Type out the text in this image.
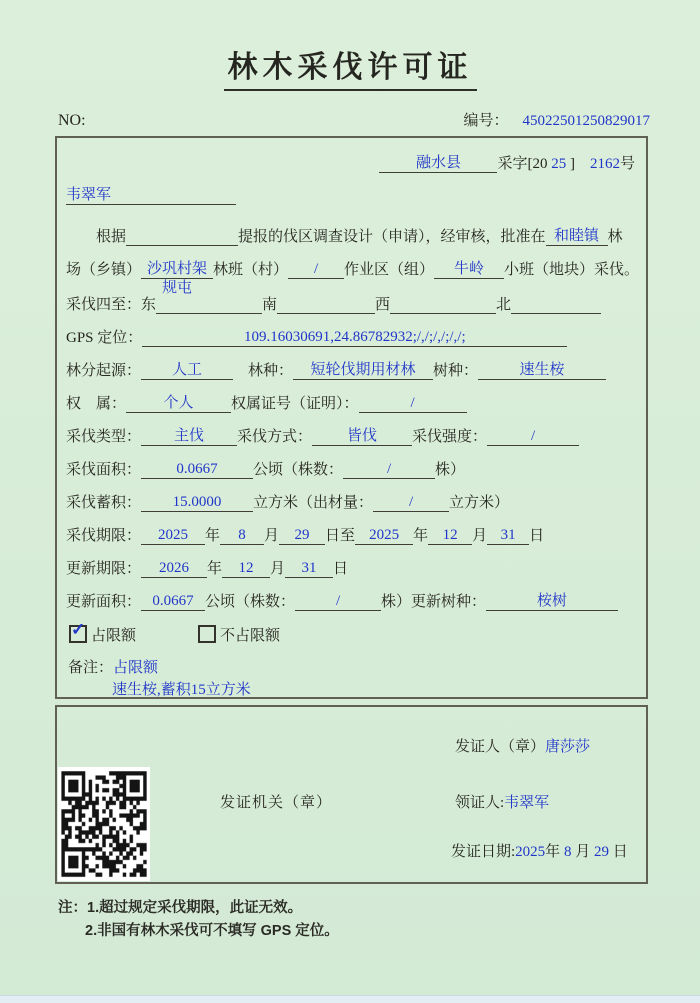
林木采伐许可证
NO:	编号： 45022501250829017
融水县 采字[20 25 ]　2162号
韦翠军
　　根据	提报的伐区调查设计（申请），经审核，批准在 和睦镇 林
场（乡镇） 沙巩村架
规屯
林班（村） / 作业区（组） 牛岭 小班（地块）采伐。
采伐四至：东	南	西	北
GPS 定位：	109.16030691,24.86782932;/,/;/,/;/,/;
林分起源： 人工　林种： 短轮伐期用材林 树种：	速生桉
权　属： 个人	权属证号（证明）：	/
采伐类型： 主伐 采伐方式： 皆伐 采伐强度：	/
采伐面积： 0.0667 公顷（株数：	/	株）
采伐蓄积： 15.0000 立方米（出材量： / 立方米）
采伐期限： 2025 年 8 月 29 日至 2025 年 12 月 31 日
更新期限： 2026 年 12 月 31 日
更新面积： 0.0667 公顷（株数：	/	株）更新树种：	桉树
✓ 占限额	不占限额
备注：占限额
速生桉,蓄积15立方米
发证人（章）唐莎莎
发证机关（章）	领证人:韦翠军
发证日期:2025年 8 月 29 日
注：1.超过规定采伐期限，此证无效。
2.非国有林木采伐可不填写 GPS 定位。
